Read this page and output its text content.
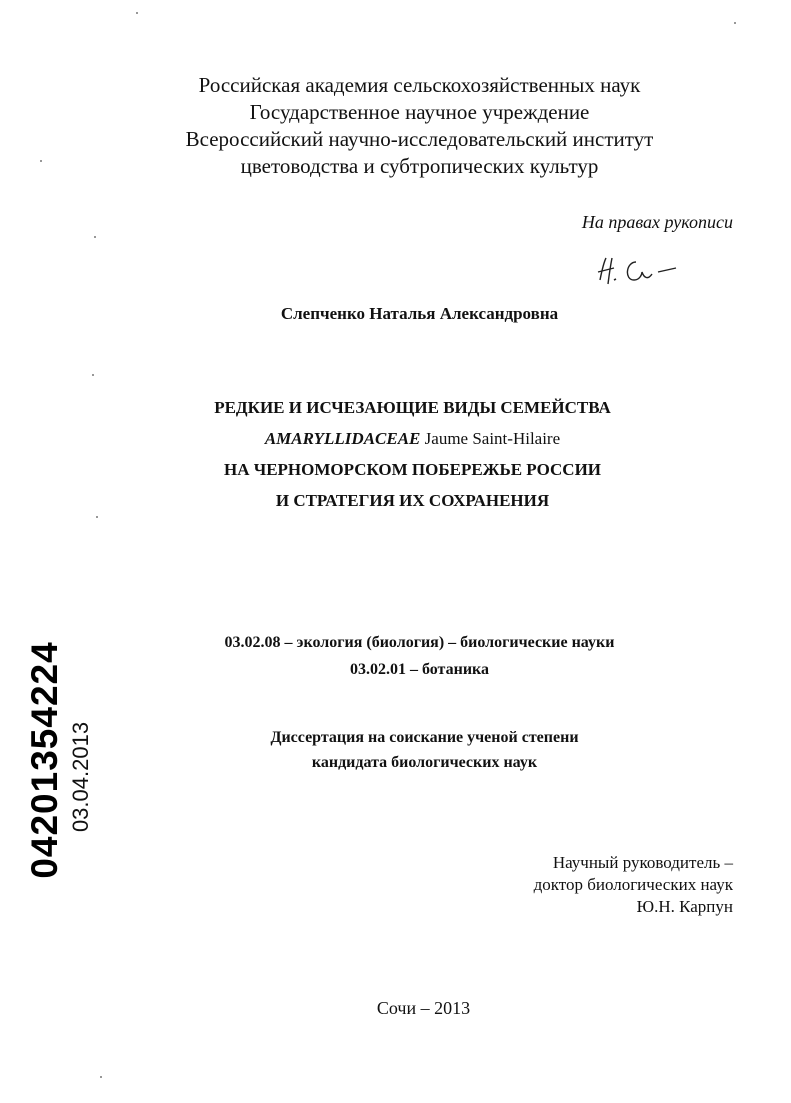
Российская академия сельскохозяйственных наук
Государственное научное учреждение
Всероссийский научно-исследовательский институт
цветоводства и субтропических культур
На правах рукописи
Слепченко Наталья Александровна
РЕДКИЕ И ИСЧЕЗАЮЩИЕ ВИДЫ СЕМЕЙСТВА
AMARYLLIDACEAE Jaume Saint-Hilaire
НА ЧЕРНОМОРСКОМ ПОБЕРЕЖЬЕ РОССИИ
И СТРАТЕГИЯ ИХ СОХРАНЕНИЯ
03.02.08 – экология (биология) – биологические науки
03.02.01 – ботаника
Диссертация на соискание ученой степени
кандидата биологических наук
Научный руководитель –
доктор биологических наук
Ю.Н. Карпун
Сочи – 2013
04201354224 03.04.2013
